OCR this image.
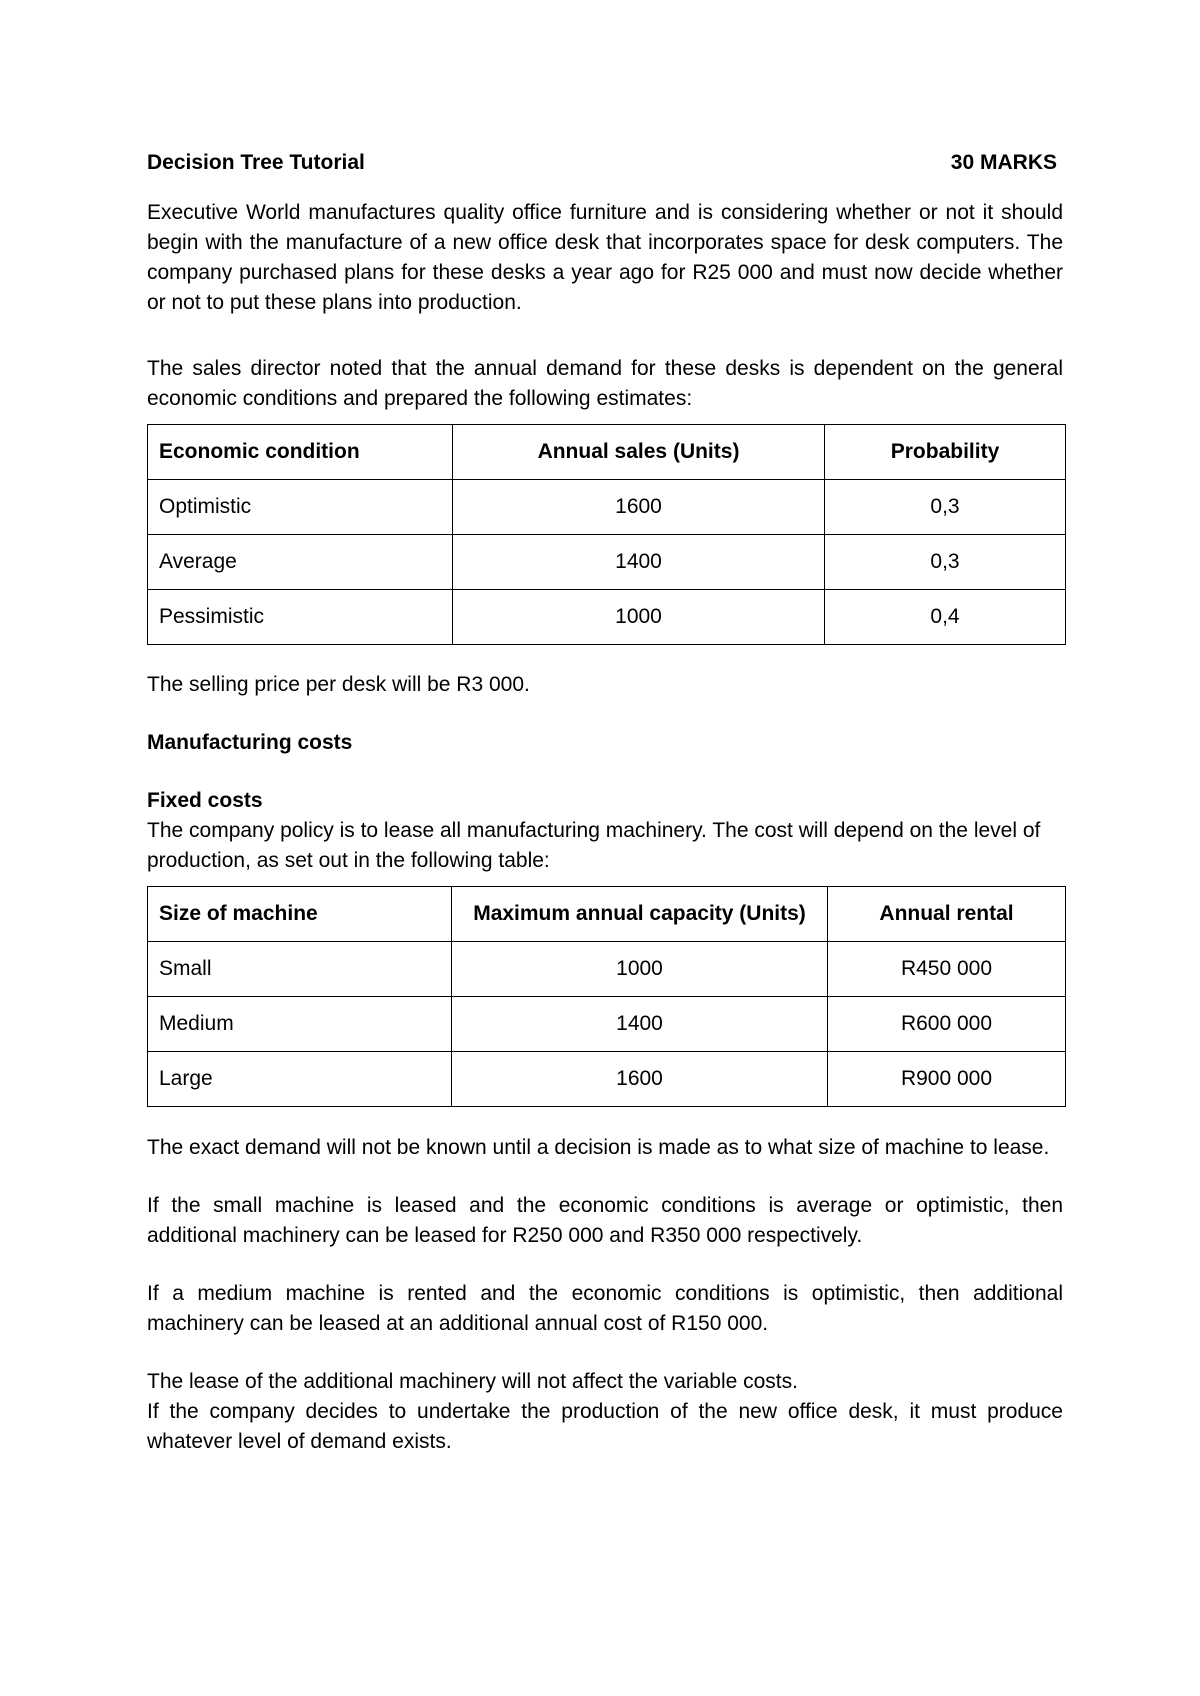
Decision Tree Tutorial	30 MARKS

Executive World manufactures quality office furniture and is considering whether or not it should begin with the manufacture of a new office desk that incorporates space for desk computers. The company purchased plans for these desks a year ago for R25 000 and must now decide whether or not to put these plans into production.

The sales director noted that the annual demand for these desks is dependent on the general economic conditions and prepared the following estimates:

Economic condition	Annual sales (Units)	Probability
Optimistic	1600	0,3
Average	1400	0,3
Pessimistic	1000	0,4

The selling price per desk will be R3 000.

Manufacturing costs

Fixed costs

The company policy is to lease all manufacturing machinery. The cost will depend on the level of production, as set out in the following table:

Size of machine	Maximum annual capacity (Units)	Annual rental
Small	1000	R450 000
Medium	1400	R600 000
Large	1600	R900 000

The exact demand will not be known until a decision is made as to what size of machine to lease.

If the small machine is leased and the economic conditions is average or optimistic, then additional machinery can be leased for R250 000 and R350 000 respectively.

If a medium machine is rented and the economic conditions is optimistic, then additional machinery can be leased at an additional annual cost of R150 000.

The lease of the additional machinery will not affect the variable costs.

If the company decides to undertake the production of the new office desk, it must produce whatever level of demand exists.
